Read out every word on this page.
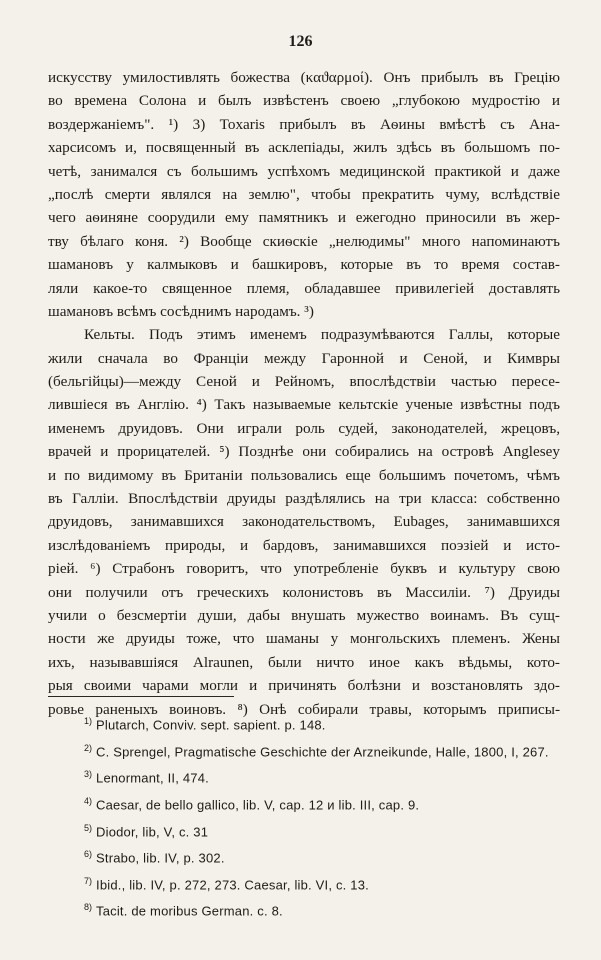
126
искусству умилостивлять божества (καϑαρμοί). Онъ прибылъ въ Грецію
во времена Солона и былъ извѣстенъ своею „глубокою мудростію и
воздержаніемъ". ¹) 3) Toxaris прибылъ въ Аѳины вмѣстѣ съ Ана-
харсисомъ и, посвященный въ асклепіады, жилъ здѣсь въ большомъ по-
четѣ, занимался съ большимъ успѣхомъ медицинской практикой и даже
„послѣ смерти являлся на землю", чтобы прекратить чуму, вслѣдствіе
чего аѳиняне соорудили ему памятникъ и ежегодно приносили въ жер-
тву бѣлаго коня. ²) Вообще скиѳскіе „нелюдимы" много напоминаютъ
шамановъ у калмыковъ и башкировъ, которые въ то время состав-
ляли какое-то священное племя, обладавшее привилегіей доставлять
шамановъ всѣмъ сосѣднимъ народамъ. ³)
Кельты. Подъ этимъ именемъ подразумѣваются Галлы, которые
жили сначала во Франціи между Гаронной и Сеной, и Кимвры
(бельгійцы)—между Сеной и Рейномъ, впослѣдствіи частью пересе-
лившіеся въ Англію. ⁴) Такъ называемые кельтскіе ученые извѣстны подъ
именемъ друидовъ. Они играли роль судей, законодателей, жрецовъ,
врачей и прорицателей. ⁵) Позднѣе они собирались на островѣ Anglesey
и по видимому въ Британіи пользовались еще большимъ почетомъ, чѣмъ
въ Галліи. Впослѣдствіи друиды раздѣлялись на три класса: собственно
друидовъ, занимавшихся законодательствомъ, Eubages, занимавшихся
изслѣдованіемъ природы, и бардовъ, занимавшихся поэзіей и исто-
ріей. ⁶) Страбонъ говоритъ, что употребленіе буквъ и культуру свою
они получили отъ греческихъ колонистовъ въ Массиліи. ⁷) Друиды
учили о безсмертіи души, дабы внушать мужество воинамъ. Въ сущ-
ности же друиды тоже, что шаманы у монгольскихъ племенъ. Жены
ихъ, называвшіяся Alraunen, были ничто иное какъ вѣдьмы, кото-
рыя своими чарами могли и причинять болѣзни и возстановлять здо-
ровье раненыхъ воиновъ. ⁸) Онѣ собирали травы, которымъ приписы-
$^{1)}$ Plutarch, Conviv. sept. sapient. p. 148.
$^{2)}$ C. Sprengel, Pragmatische Geschichte der Arzneikunde, Halle, 1800, I, 267.
$^{3)}$ Lenormant, II, 474.
$^{4)}$ Caesar, de bello gallico, lib. V, cap. 12 и lib. III, cap. 9.
$^{5)}$ Diodor, lib, V, c. 31
$^{6)}$ Strabo, lib. IV, p. 302.
$^{7)}$ Ibid., lib. IV, p. 272, 273. Caesar, lib. VI, c. 13.
$^{8)}$ Tacit. de moribus German. c. 8.
